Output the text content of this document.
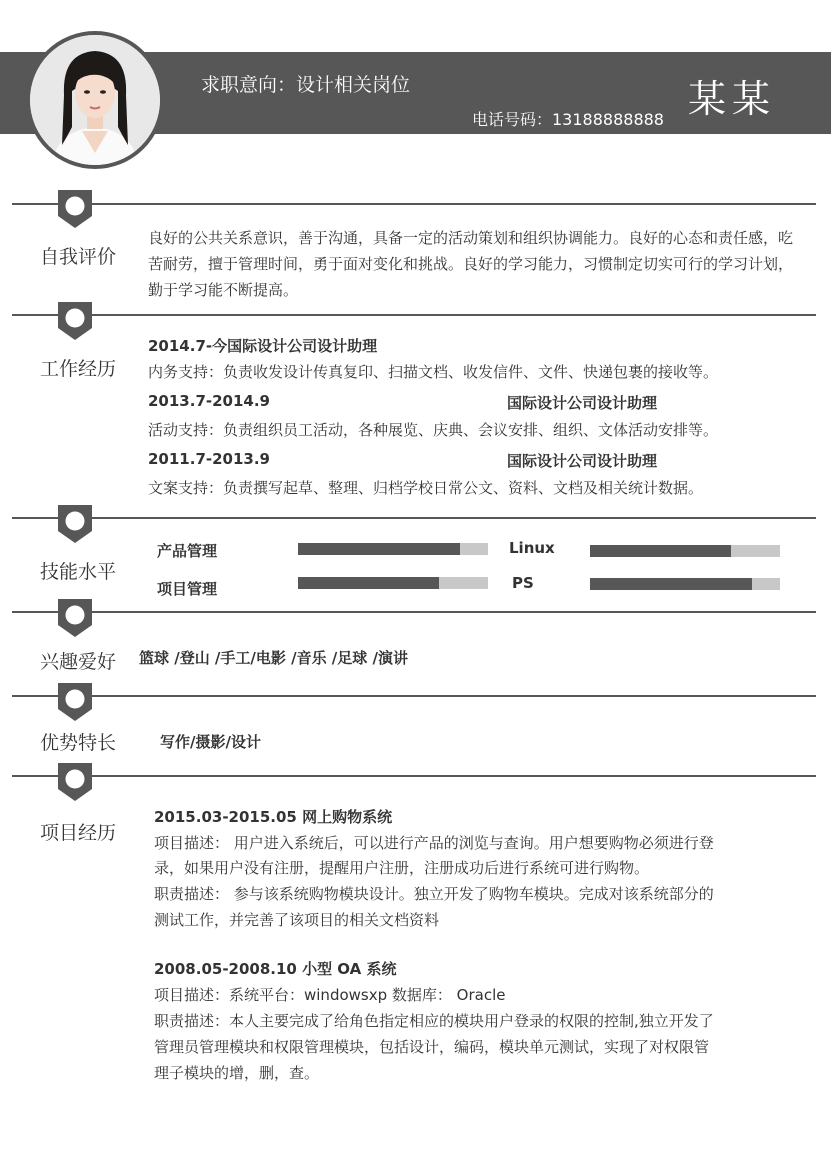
求职意向：设计相关岗位
电话号码：13188888888 某某
自我评价
良好的公共关系意识，善于沟通，具备一定的活动策划和组织协调能力。良好的心态和责任感，吃苦耐劳，擅于管理时间，勇于面对变化和挑战。良好的学习能力，习惯制定切实可行的学习计划，勤于学习能不断提高。
工作经历
2014.7-今国际设计公司设计助理
内务支持：负责收发设计传真复印、扫描文档、收发信件、文件、快递包裹的接收等。
2013.7-2014.9	国际设计公司设计助理
活动支持：负责组织员工活动，各种展览、庆典、会议安排、组织、文体活动安排等。
2011.7-2013.9	国际设计公司设计助理
文案支持：负责撰写起草、整理、归档学校日常公文、资料、文档及相关统计数据。
技能水平
产品管理	Linux
项目管理	PS
兴趣爱好	篮球 /登山 /手工/电影 /音乐 /足球 /演讲
优势特长	写作/摄影/设计
项目经历
2015.03-2015.05 网上购物系统
项目描述： 用户进入系统后，可以进行产品的浏览与查询。用户想要购物必须进行登
录，如果用户没有注册，提醒用户注册，注册成功后进行系统可进行购物。
职责描述： 参与该系统购物模块设计。独立开发了购物车模块。完成对该系统部分的
测试工作，并完善了该项目的相关文档资料
2008.05-2008.10 小型 OA 系统
项目描述：系统平台：windowsxp 数据库： Oracle
职责描述：本人主要完成了给角色指定相应的模块用户登录的权限的控制,独立开发了
管理员管理模块和权限管理模块，包括设计，编码，模块单元测试，实现了对权限管
理子模块的增，删，查。
